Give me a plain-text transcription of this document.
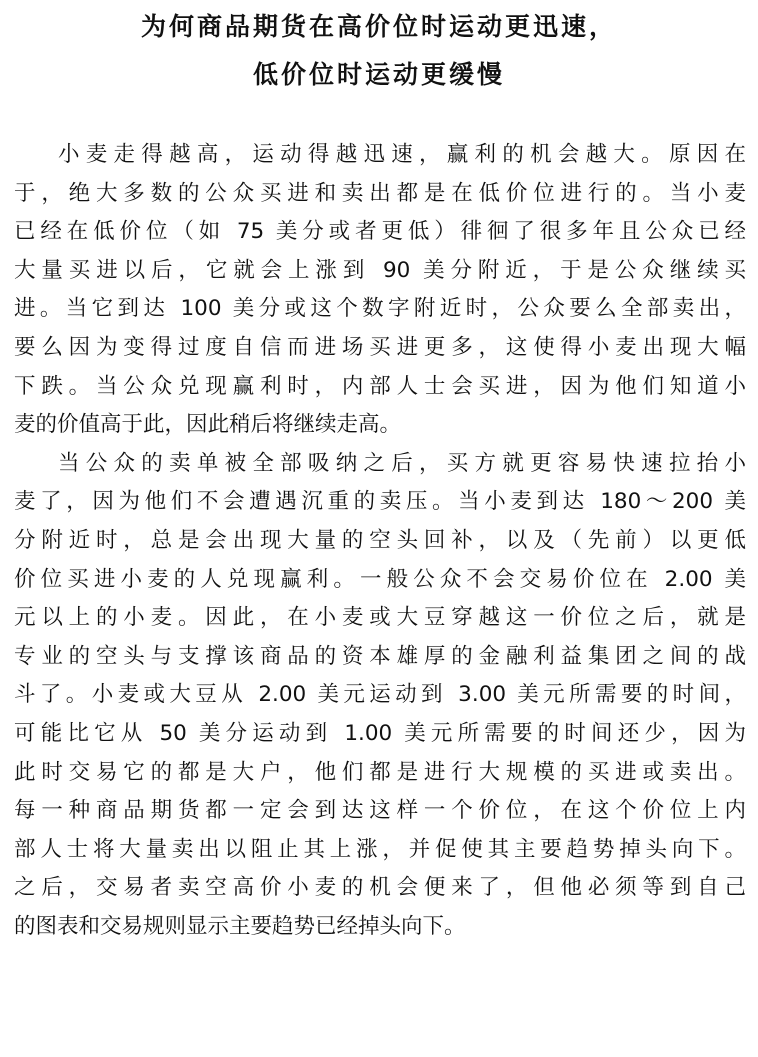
为何商品期货在高价位时运动更迅速，
低价位时运动更缓慢
小麦走得越高，运动得越迅速，赢利的机会越大。原因在
于，绝大多数的公众买进和卖出都是在低价位进行的。当小麦
已经在低价位（如 75 美分或者更低）徘徊了很多年且公众已经
大量买进以后，它就会上涨到 90 美分附近，于是公众继续买
进。当它到达 100 美分或这个数字附近时，公众要么全部卖出，
要么因为变得过度自信而进场买进更多，这使得小麦出现大幅
下跌。当公众兑现赢利时，内部人士会买进，因为他们知道小
麦的价值高于此，因此稍后将继续走高。
当公众的卖单被全部吸纳之后，买方就更容易快速拉抬小
麦了，因为他们不会遭遇沉重的卖压。当小麦到达 180～200 美
分附近时，总是会出现大量的空头回补，以及（先前）以更低
价位买进小麦的人兑现赢利。一般公众不会交易价位在 2.00 美
元以上的小麦。因此，在小麦或大豆穿越这一价位之后，就是
专业的空头与支撑该商品的资本雄厚的金融利益集团之间的战
斗了。小麦或大豆从 2.00 美元运动到 3.00 美元所需要的时间，
可能比它从 50 美分运动到 1.00 美元所需要的时间还少，因为
此时交易它的都是大户，他们都是进行大规模的买进或卖出。
每一种商品期货都一定会到达这样一个价位，在这个价位上内
部人士将大量卖出以阻止其上涨，并促使其主要趋势掉头向下。
之后，交易者卖空高价小麦的机会便来了，但他必须等到自己
的图表和交易规则显示主要趋势已经掉头向下。
